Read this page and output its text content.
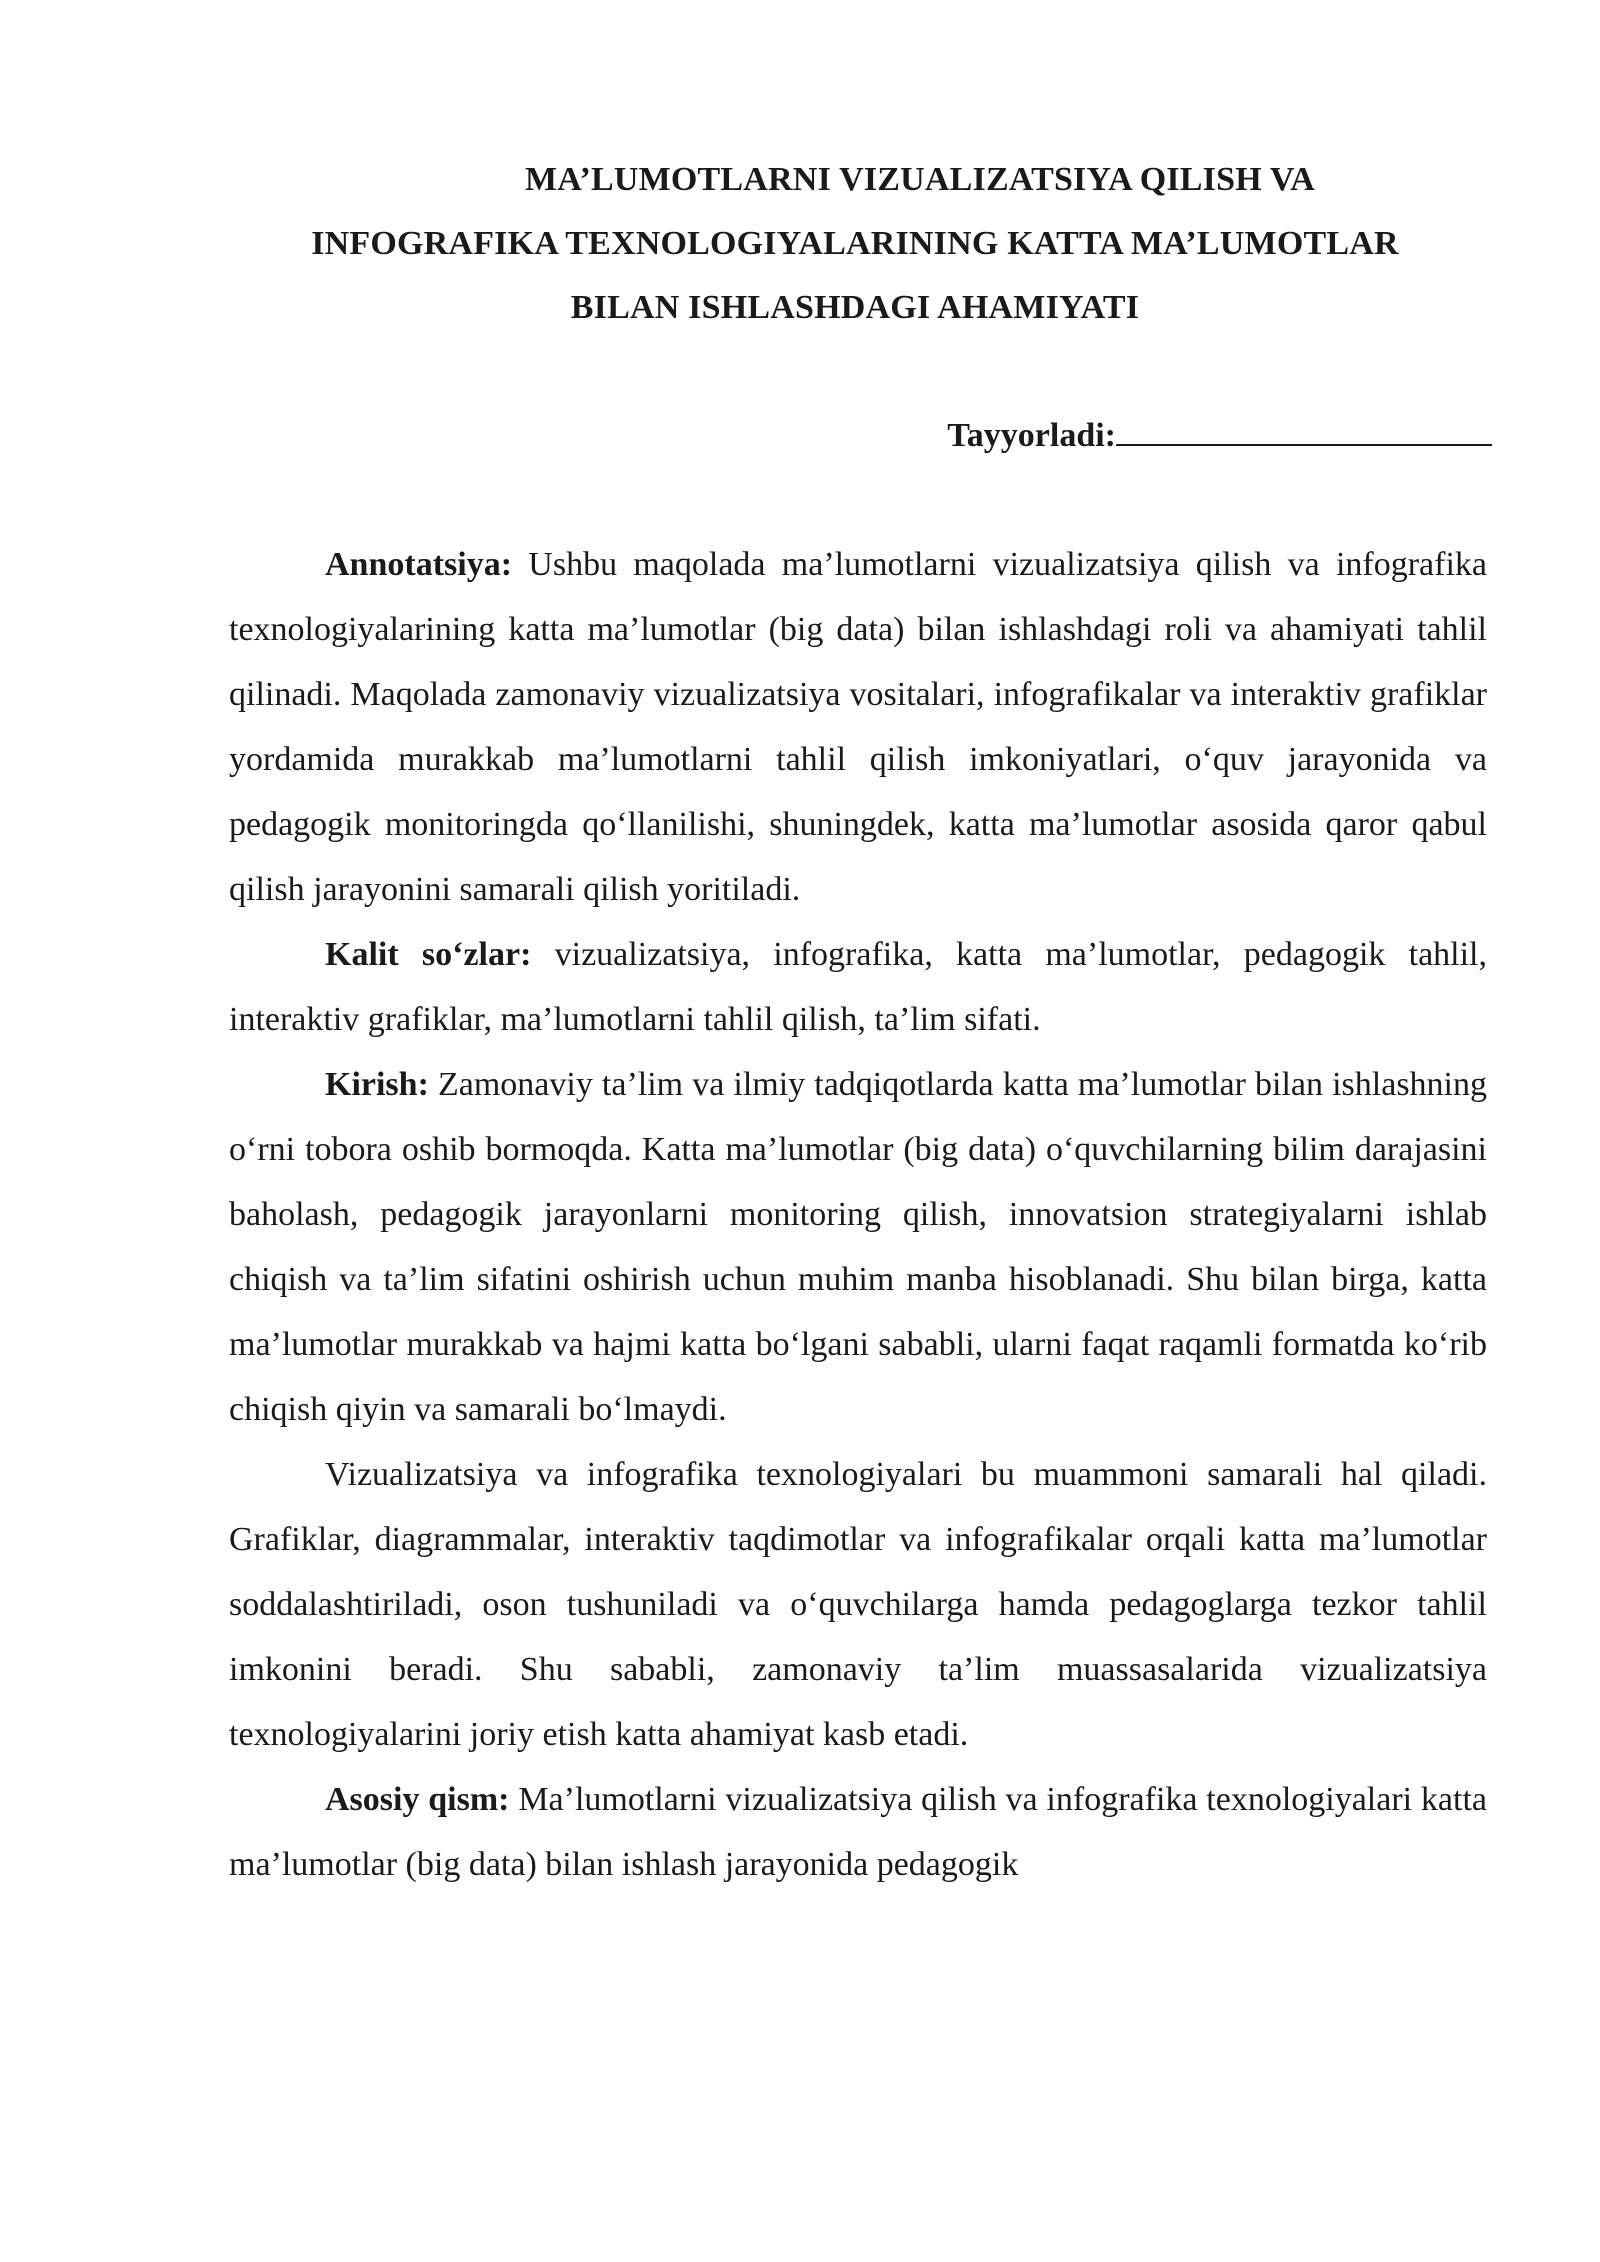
MA’LUMOTLARNI VIZUALIZATSIYA QILISH VA
INFOGRAFIKA TEXNOLOGIYALARINING KATTA MA’LUMOTLAR
BILAN ISHLASHDAGI AHAMIYATI
Tayyorladi:

Annotatsiya: Ushbu maqolada ma’lumotlarni vizualizatsiya qilish va infografika texnologiyalarining katta ma’lumotlar (big data) bilan ishlashdagi roli va ahamiyati tahlil qilinadi. Maqolada zamonaviy vizualizatsiya vositalari, infografikalar va interaktiv grafiklar yordamida murakkab ma’lumotlarni tahlil qilish imkoniyatlari, o‘quv jarayonida va pedagogik monitoringda qo‘llanilishi, shuningdek, katta ma’lumotlar asosida qaror qabul qilish jarayonini samarali qilish yoritiladi.

Kalit so‘zlar: vizualizatsiya, infografika, katta ma’lumotlar, pedagogik tahlil, interaktiv grafiklar, ma’lumotlarni tahlil qilish, ta’lim sifati.

Kirish: Zamonaviy ta’lim va ilmiy tadqiqotlarda katta ma’lumotlar bilan ishlashning o‘rni tobora oshib bormoqda. Katta ma’lumotlar (big data) o‘quvchilarning bilim darajasini baholash, pedagogik jarayonlarni monitoring qilish, innovatsion strategiyalarni ishlab chiqish va ta’lim sifatini oshirish uchun muhim manba hisoblanadi. Shu bilan birga, katta ma’lumotlar murakkab va hajmi katta bo‘lgani sababli, ularni faqat raqamli formatda ko‘rib chiqish qiyin va samarali bo‘lmaydi.

Vizualizatsiya va infografika texnologiyalari bu muammoni samarali hal qiladi. Grafiklar, diagrammalar, interaktiv taqdimotlar va infografikalar orqali katta ma’lumotlar soddalashtiriladi, oson tushuniladi va o‘quvchilarga hamda pedagoglarga tezkor tahlil imkonini beradi. Shu sababli, zamonaviy ta’lim muassasalarida vizualizatsiya texnologiyalarini joriy etish katta ahamiyat kasb etadi.

Asosiy qism: Ma’lumotlarni vizualizatsiya qilish va infografika texnologiyalari katta ma’lumotlar (big data) bilan ishlash jarayonida pedagogik
